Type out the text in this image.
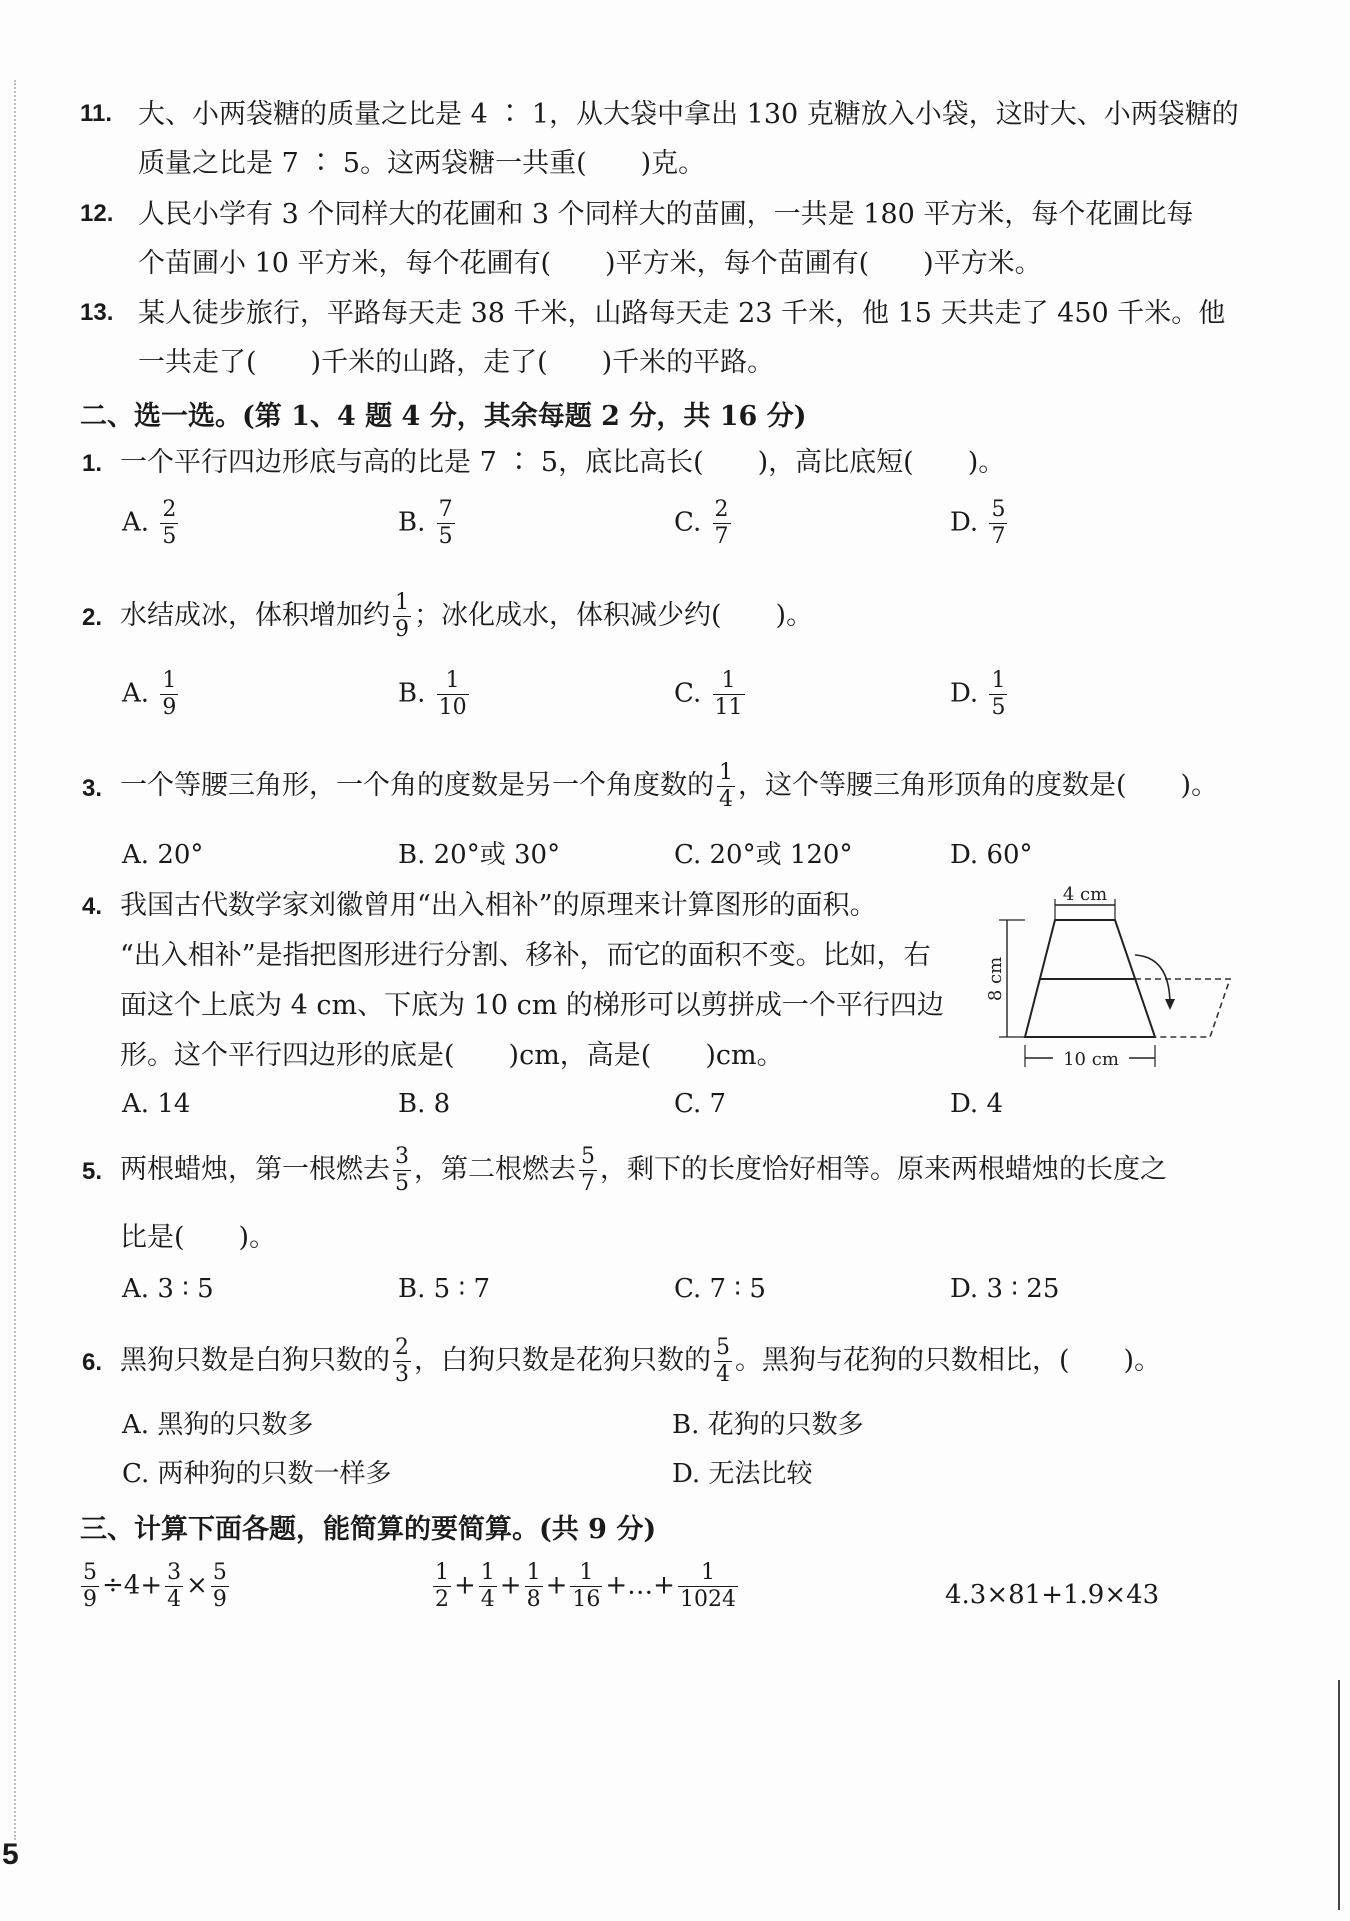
11. 大、小两袋糖的质量之比是 4 ∶ 1，从大袋中拿出 130 克糖放入小袋，这时大、小两袋糖的
质量之比是 7 ∶ 5。这两袋糖一共重(　　)克。
12. 人民小学有 3 个同样大的花圃和 3 个同样大的苗圃，一共是 180 平方米，每个花圃比每
个苗圃小 10 平方米，每个花圃有(　　)平方米，每个苗圃有(　　)平方米。
13. 某人徒步旅行，平路每天走 38 千米，山路每天走 23 千米，他 15 天共走了 450 千米。他
一共走了(　　)千米的山路，走了(　　)千米的平路。
二、选一选。(第 1、4 题 4 分，其余每题 2 分，共 16 分)
1. 一个平行四边形底与高的比是 7 ∶ 5，底比高长(　　)，高比底短(　　)。
A. $\frac{2}{5}$	B. $\frac{7}{5}$	C. $\frac{2}{7}$	D. $\frac{5}{7}$
2. 水结成冰，体积增加约 $\frac{1}{9}$ ；冰化成水，体积减少约(　　)。
A. $\frac{1}{9}$	B. $\frac{1}{10}$	C. $\frac{1}{11}$	D. $\frac{1}{5}$
3. 一个等腰三角形，一个角的度数是另一个角度数的 $\frac{1}{4}$ ，这个等腰三角形顶角的度数是(　　)。
A. 20°	B. 20°或 30°	C. 20°或 120°	D. 60°
4. 我国古代数学家刘徽曾用“出入相补”的原理来计算图形的面积。
“出入相补”是指把图形进行分割、移补，而它的面积不变。比如，右
面这个上底为 4 cm、下底为 10 cm 的梯形可以剪拼成一个平行四边
形。这个平行四边形的底是(　　)cm，高是(　　)cm。
4 cm
8 cm
10 cm
A. 14	B. 8	C. 7	D. 4
5. 两根蜡烛，第一根燃去 $\frac{3}{5}$ ，第二根燃去 $\frac{5}{7}$ ，剩下的长度恰好相等。原来两根蜡烛的长度之
比是(　　)。
A. 3 ∶ 5	B. 5 ∶ 7	C. 7 ∶ 5	D. 3 ∶ 25
6. 黑狗只数是白狗只数的 $\frac{2}{3}$ ，白狗只数是花狗只数的 $\frac{5}{4}$ 。黑狗与花狗的只数相比，(　　)。
A. 黑狗的只数多	B. 花狗的只数多
C. 两种狗的只数一样多	D. 无法比较
三、计算下面各题，能简算的要简算。(共 9 分)
$\frac{5}{9} \div 4+ \frac{3}{4} \times \frac{5}{9}$	$\frac{1}{2} + \frac{1}{4} + \frac{1}{8} + \frac{1}{16}$ +…+ $\frac{1}{1024}$	4.3×81+1.9×43
5
